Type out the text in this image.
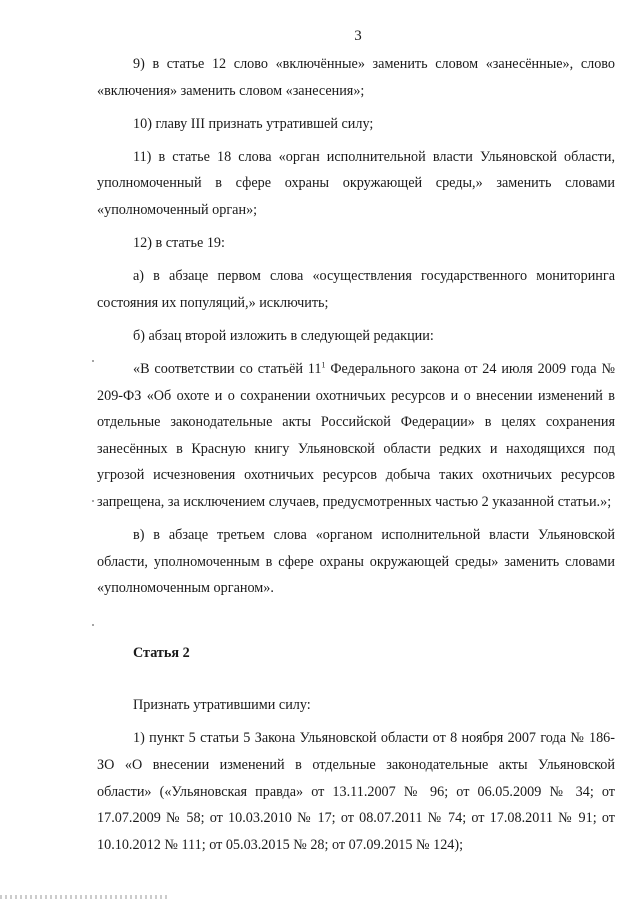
3

9) в статье 12 слово «включённые» заменить словом «занесённые», слово «включения» заменить словом «занесения»;

10) главу III признать утратившей силу;

11) в статье 18 слова «орган исполнительной власти Ульяновской области, уполномоченный в сфере охраны окружающей среды,» заменить словами «уполномоченный орган»;

12) в статье 19:

а) в абзаце первом слова «осуществления государственного мониторинга состояния их популяций,» исключить;

б) абзац второй изложить в следующей редакции:

«В соответствии со статьёй $11^1$ Федерального закона от 24 июля 2009 года № 209-ФЗ «Об охоте и о сохранении охотничьих ресурсов и о внесении изменений в отдельные законодательные акты Российской Федерации» в целях сохранения занесённых в Красную книгу Ульяновской области редких и находящихся под угрозой исчезновения охотничьих ресурсов добыча таких охотничьих ресурсов запрещена, за исключением случаев, предусмотренных частью 2 указанной статьи.»;

в) в абзаце третьем слова «органом исполнительной власти Ульяновской области, уполномоченным в сфере охраны окружающей среды» заменить словами «уполномоченным органом».

Статья 2

Признать утратившими силу:

1) пункт 5 статьи 5 Закона Ульяновской области от 8 ноября 2007 года № 186-ЗО «О внесении изменений в отдельные законодательные акты Ульяновской области» («Ульяновская правда» от 13.11.2007 № 96; от 06.05.2009 № 34; от 17.07.2009 № 58; от 10.03.2010 № 17; от 08.07.2011 № 74; от 17.08.2011 № 91; от 10.10.2012 № 111; от 05.03.2015 № 28; от 07.09.2015 № 124);
